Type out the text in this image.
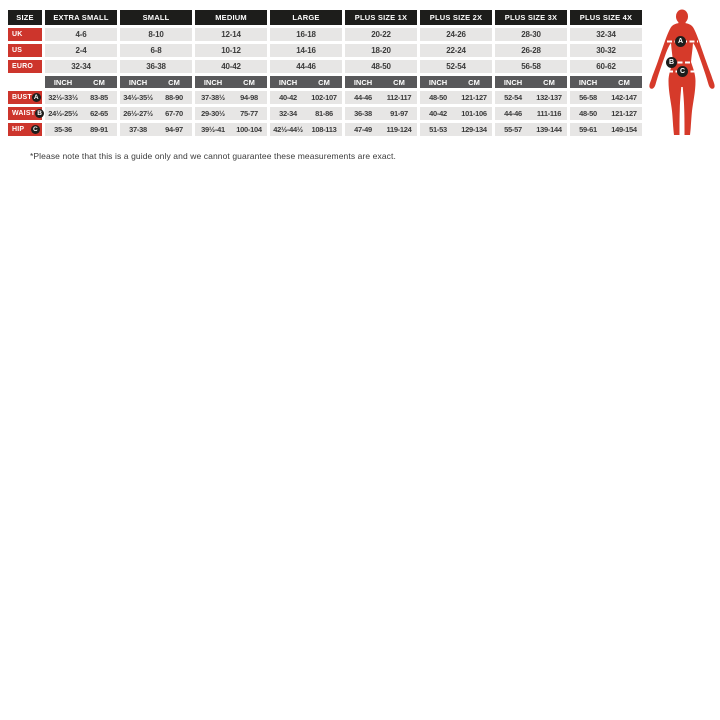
SIZE	EXTRA SMALL	SMALL	MEDIUM	LARGE	PLUS SIZE 1X	PLUS SIZE 2X	PLUS SIZE 3X	PLUS SIZE 4X
UK	4-6	8-10	12-14	16-18	20-22	24-26	28-30	32-34
US	2-4	6-8	10-12	14-16	18-20	22-24	26-28	30-32
EURO	32-34	36-38	40-42	44-46	48-50	52-54	56-58	60-62
INCH	CM	INCH	CM	INCH	CM	INCH	CM	INCH	CM	INCH	CM	INCH	CM	INCH	CM
BUST A	32½-33½	83-85	34½-35½	88-90	37-38½	94-98	40-42	102-107	44-46	112-117	48-50	121-127	52-54	132-137	56-58	142-147
WAIST B 24½-25½	62-65	26½-27½	67-70	29-30½	75-77	32-34	81-86	36-38	91-97	40-42	101-106	44-46	111-116	48-50	121-127
HIP	C	35-36	89-91	37-38	94-97	39½-41	100-104	42½-44½	108-113	47-49	119-124	51-53	129-134	55-57	139-144	59-61	149-154
A
B
C
*Please note that this is a guide only and we cannot guarantee these measurements are exact.
